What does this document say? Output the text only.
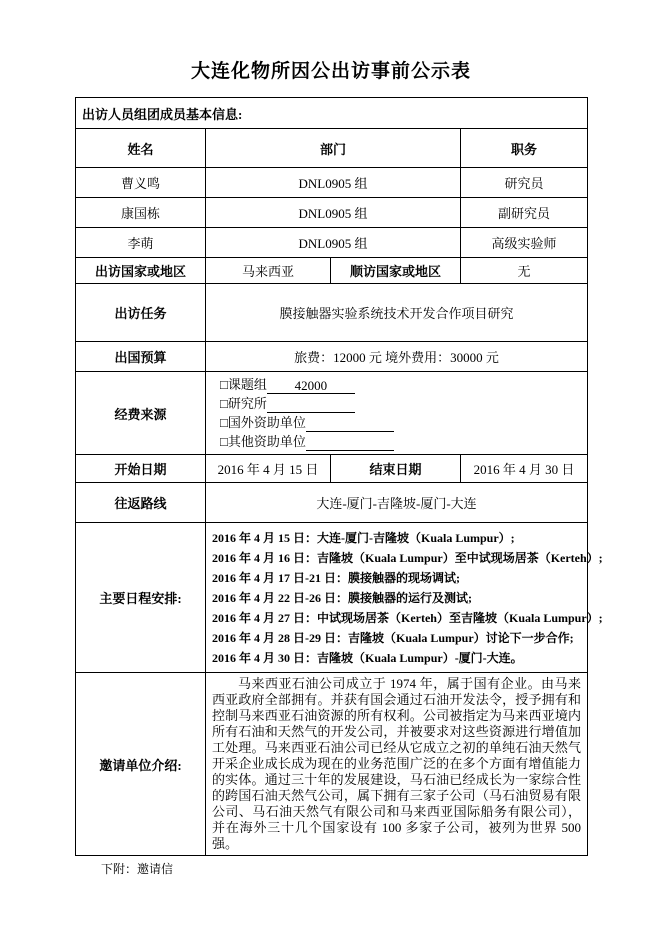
大连化物所因公出访事前公示表
出访人员组团成员基本信息:			
姓名	部门		职务
曹义鸣	DNL0905 组		研究员
康国栋	DNL0905 组		副研究员
李萌	DNL0905 组		高级实验师
出访国家或地区	马来西亚	顺访国家或地区	无
出访任务	膜接触器实验系统技术开发合作项目研究		
出国预算	旅费：12000 元 境外费用：30000 元		
经费来源	□课题组 42000
□研究所
□国外资助单位
□其他资助单位		

开始日期	2016 年 4 月 15 日	结束日期	2016 年 4 月 30 日
往返路线	大连-厦门-吉隆坡-厦门-大连		
主要日程安排:	
2016 年 4 月 15 日：大连-厦门-吉隆坡（Kuala Lumpur）;
2016 年 4 月 16 日：吉隆坡（Kuala Lumpur）至中试现场居茶（Kerteh）;
2016 年 4 月 17 日-21 日：膜接触器的现场调试;
2016 年 4 月 22 日-26 日：膜接触器的运行及测试;
2016 年 4 月 27 日：中试现场居茶（Kerteh）至吉隆坡（Kuala Lumpur）;
2016 年 4 月 28 日-29 日：吉隆坡（Kuala Lumpur）讨论下一步合作;
2016 年 4 月 30 日：吉隆坡（Kuala Lumpur）-厦门-大连。

邀请单位介绍:	马来西亚石油公司成立于 1974 年，属于国有企业。由马来西亚政府全部拥有。并获有国会通过石油开发法令，授予拥有和控制马来西亚石油资源的所有权利。公司被指定为马来西亚境内所有石油和天然气的开发公司，并被要求对这些资源进行增值加工处理。马来西亚石油公司已经从它成立之初的单纯石油天然气开采企业成长成为现在的业务范围广泛的在多个方面有增值能力的实体。通过三十年的发展建设，马石油已经成长为一家综合性的跨国石油天然气公司，属下拥有三家子公司（马石油贸易有限公司、马石油天然气有限公司和马来西亚国际船务有限公司），并在海外三十几个国家设有 100 多家子公司，被列为世界 500 强。		

下附：邀请信
